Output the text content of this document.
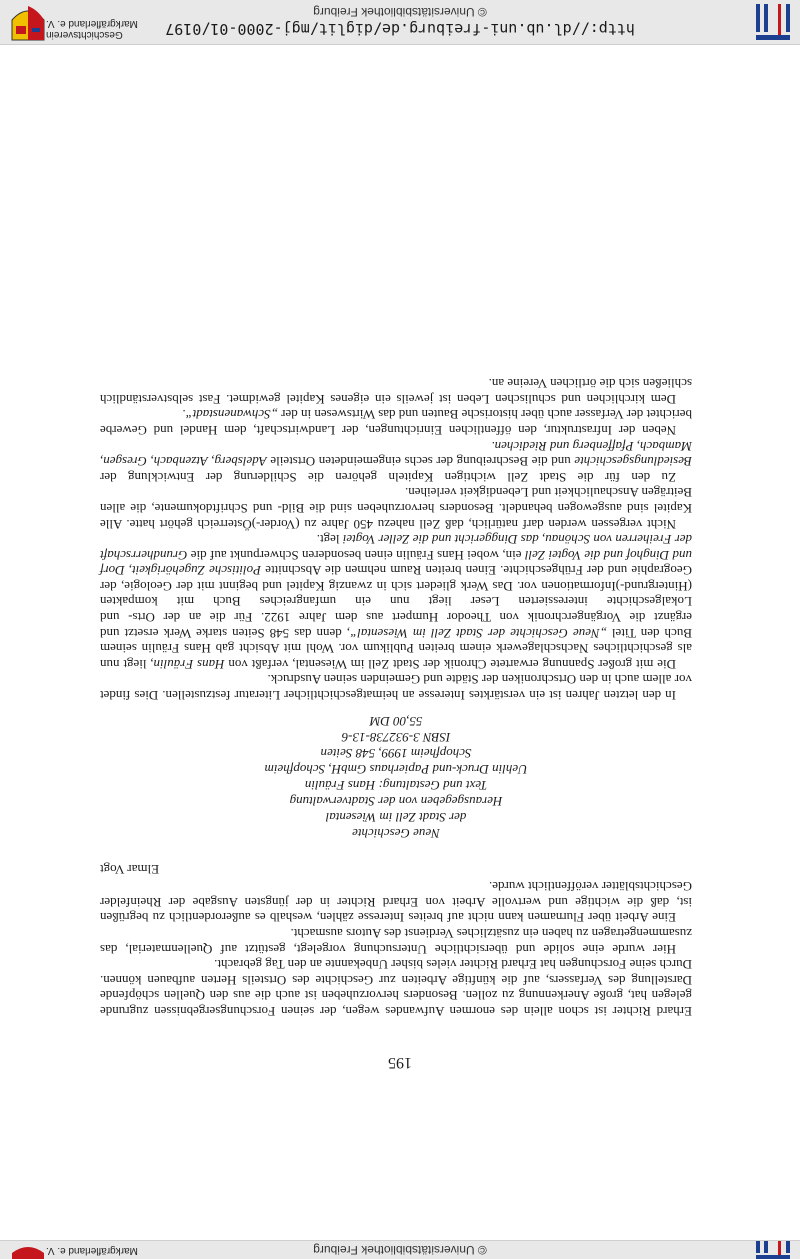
© Universitätsbibliothek Freiburg
Markgräflerland e. V.
195

Erhard Richter ist schon allein des enormen Aufwandes wegen, der seinen Forschungsergebnissen zugrunde gelegen hat, große Anerkennung zu zollen. Besonders hervorzuheben ist auch die aus den Quellen schöpfende Darstellung des Verfassers, auf die künftige Arbeiten zur Geschichte des Ortsteils Herten aufbauen können. Durch seine Forschungen hat Erhard Richter vieles bisher Unbekannte an den Tag gebracht.

Hier wurde eine solide und übersichtliche Untersuchung vorgelegt, gestützt auf Quellenmaterial, das zusammengetragen zu haben ein zusätzliches Verdienst des Autors ausmacht.

Eine Arbeit über Flurnamen kann nicht auf breites Interesse zählen, weshalb es außerordentlich zu begrüßen ist, daß die wichtige und wertvolle Arbeit von Erhard Richter in der jüngsten Ausgabe der Rheinfelder Geschichtsblätter veröffentlicht wurde.

Elmar Vogt
Neue Geschichte
der Stadt Zell im Wiesental
Herausgegeben von der Stadtverwaltung
Text und Gestaltung: Hans Fräulin
Uehlin Druck-und Papierhaus GmbH, Schopfheim
Schopfheim 1999, 548 Seiten
ISBN 3-932738-13-6
55,00 DM

In den letzten Jahren ist ein verstärktes Interesse an heimatgeschichtlicher Literatur festzustellen. Dies findet vor allem auch in den Ortschroniken der Städte und Gemeinden seinen Ausdruck.

Die mit großer Spannung erwartete Chronik der Stadt Zell im Wiesental, verfaßt von Hans Fräulin, liegt nun als geschichtliches Nachschlagewerk einem breiten Publikum vor. Wohl mit Absicht gab Hans Fräulin seinem Buch den Titel „Neue Geschichte der Stadt Zell im Wiesental“, denn das 548 Seiten starke Werk ersetzt und ergänzt die Vorgängerchronik von Theodor Humpert aus dem Jahre 1922. Für die an der Orts- und Lokalgeschichte interessierten Leser liegt nun ein umfangreiches Buch mit kompakten (Hintergrund-)Informationen vor. Das Werk gliedert sich in zwanzig Kapitel und beginnt mit der Geologie, der Geographie und der Frühgeschichte. Einen breiten Raum nehmen die Abschnitte Politische Zugehörigkeit, Dorf und Dinghof und die Vogtei Zell ein, wobei Hans Fräulin einen besonderen Schwerpunkt auf die Grundherrschaft der Freiherren von Schönau, das Dinggericht und die Zeller Vogtei legt.

Nicht vergessen werden darf natürlich, daß Zell nahezu 450 Jahre zu (Vorder-)Österreich gehört hatte. Alle Kapitel sind ausgewogen behandelt. Besonders hervorzuheben sind die Bild- und Schriftdokumente, die allen Beiträgen Anschaulichkeit und Lebendigkeit verleihen.

Zu den für die Stadt Zell wichtigen Kapiteln gehören die Schilderung der Entwicklung der Besiedlungsgeschichte und die Beschreibung der sechs eingemeindeten Ortsteile Adelsberg, Atzenbach, Gresgen, Mambach, Pfaffenberg und Riedichen.

Neben der Infrastruktur, den öffentlichen Einrichtungen, der Landwirtschaft, dem Handel und Gewerbe berichtet der Verfasser auch über historische Bauten und das Wirtswesen in der „Schwanenstadt“.

Dem kirchlichen und schulischen Leben ist jeweils ein eigenes Kapitel gewidmet. Fast selbstverständlich schließen sich die örtlichen Vereine an.

http://dl.ub.uni-freiburg.de/diglit/mgj-2000-01/0197
© Universitätsbibliothek Freiburg
Geschichtsverein
Markgräflerland e. V.
